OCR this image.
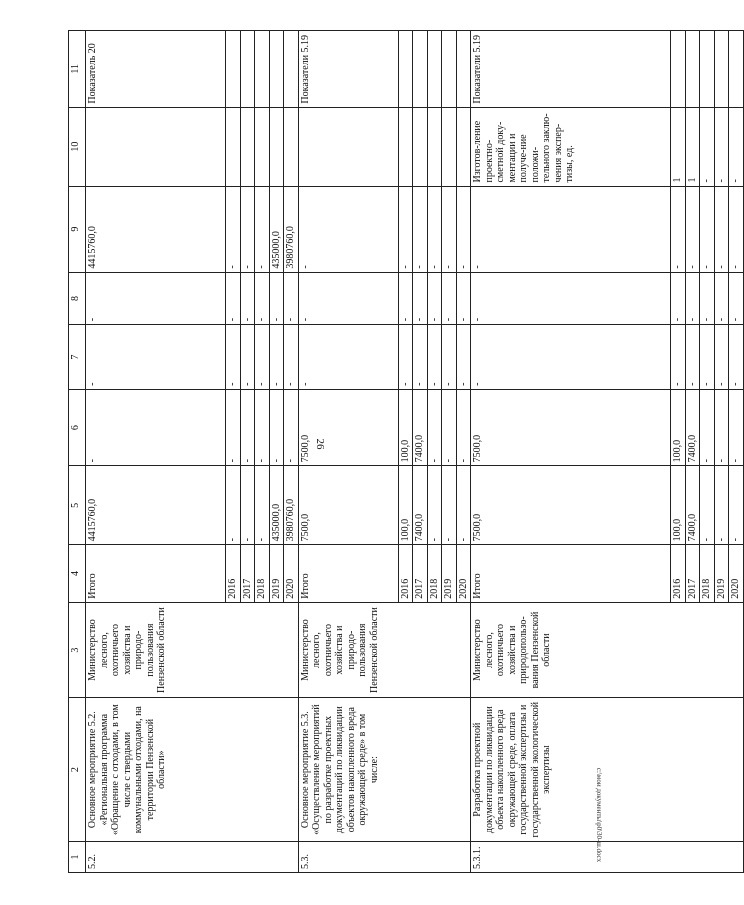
26
c:\мои документы\р0\30-ш.docx
1	2	3	4	5	6	7	8	9	10	11
5.2.	Основное мероприятие 5.2. «Региональная программа «Обращение с отходами, в том числе с твердыми коммунальными отходами, на территории Пензенской области»	Министерство лесного, охотничьего хозяйства и природо-пользования Пензенской области	Итого	4415760,0	-	-	-	4415760,0		Показатель 20
			2016	-	-	-	-	-		
			2017	-	-	-	-	-		
			2018	-	-	-	-	-		
			2019	435000,0	-	-	-	435000,0		
			2020	3980760,0	-	-	-	3980760,0		
5.3.	Основное мероприятие 5.3. «Осуществление мероприятий по разработке проектных документаций по ликвидации объектов накопленного вреда окружающей среде» в том числе:	Министерство лесного, охотничьего хозяйства и природо-пользования Пензенской области	Итого	7500,0	7500,0	-	-	-		Показатели 5.19
			2016	100,0	100,0	-	-	-		
			2017	7400,0	7400,0	-	-	-		
			2018	-	-	-	-	-		
			2019	-	-	-	-	-		
			2020	-	-	-	-	-		
5.3.1.	Разработка проектной документации по ликвидации объекта накопленного вреда окружающей среде, оплата государственной экспертизы и государственной экологической экспертизы	Министерство лесного, охотничьего хозяйства и природопользо-вания Пензенской области	Итого	7500,0	7500,0	-	-	-	Изготов-ление проектно-сметной доку-ментации и получе-ние положи-тельного заклю-чения экспер-тизы, ед.	Показатели 5.19
			2016	100,0	100,0	-	-	-	1	
			2017	7400,0	7400,0	-	-	-	1	
			2018	-	-	-	-	-	-	
			2019	-	-	-	-	-	-	
			2020	-	-	-	-	-	-	
